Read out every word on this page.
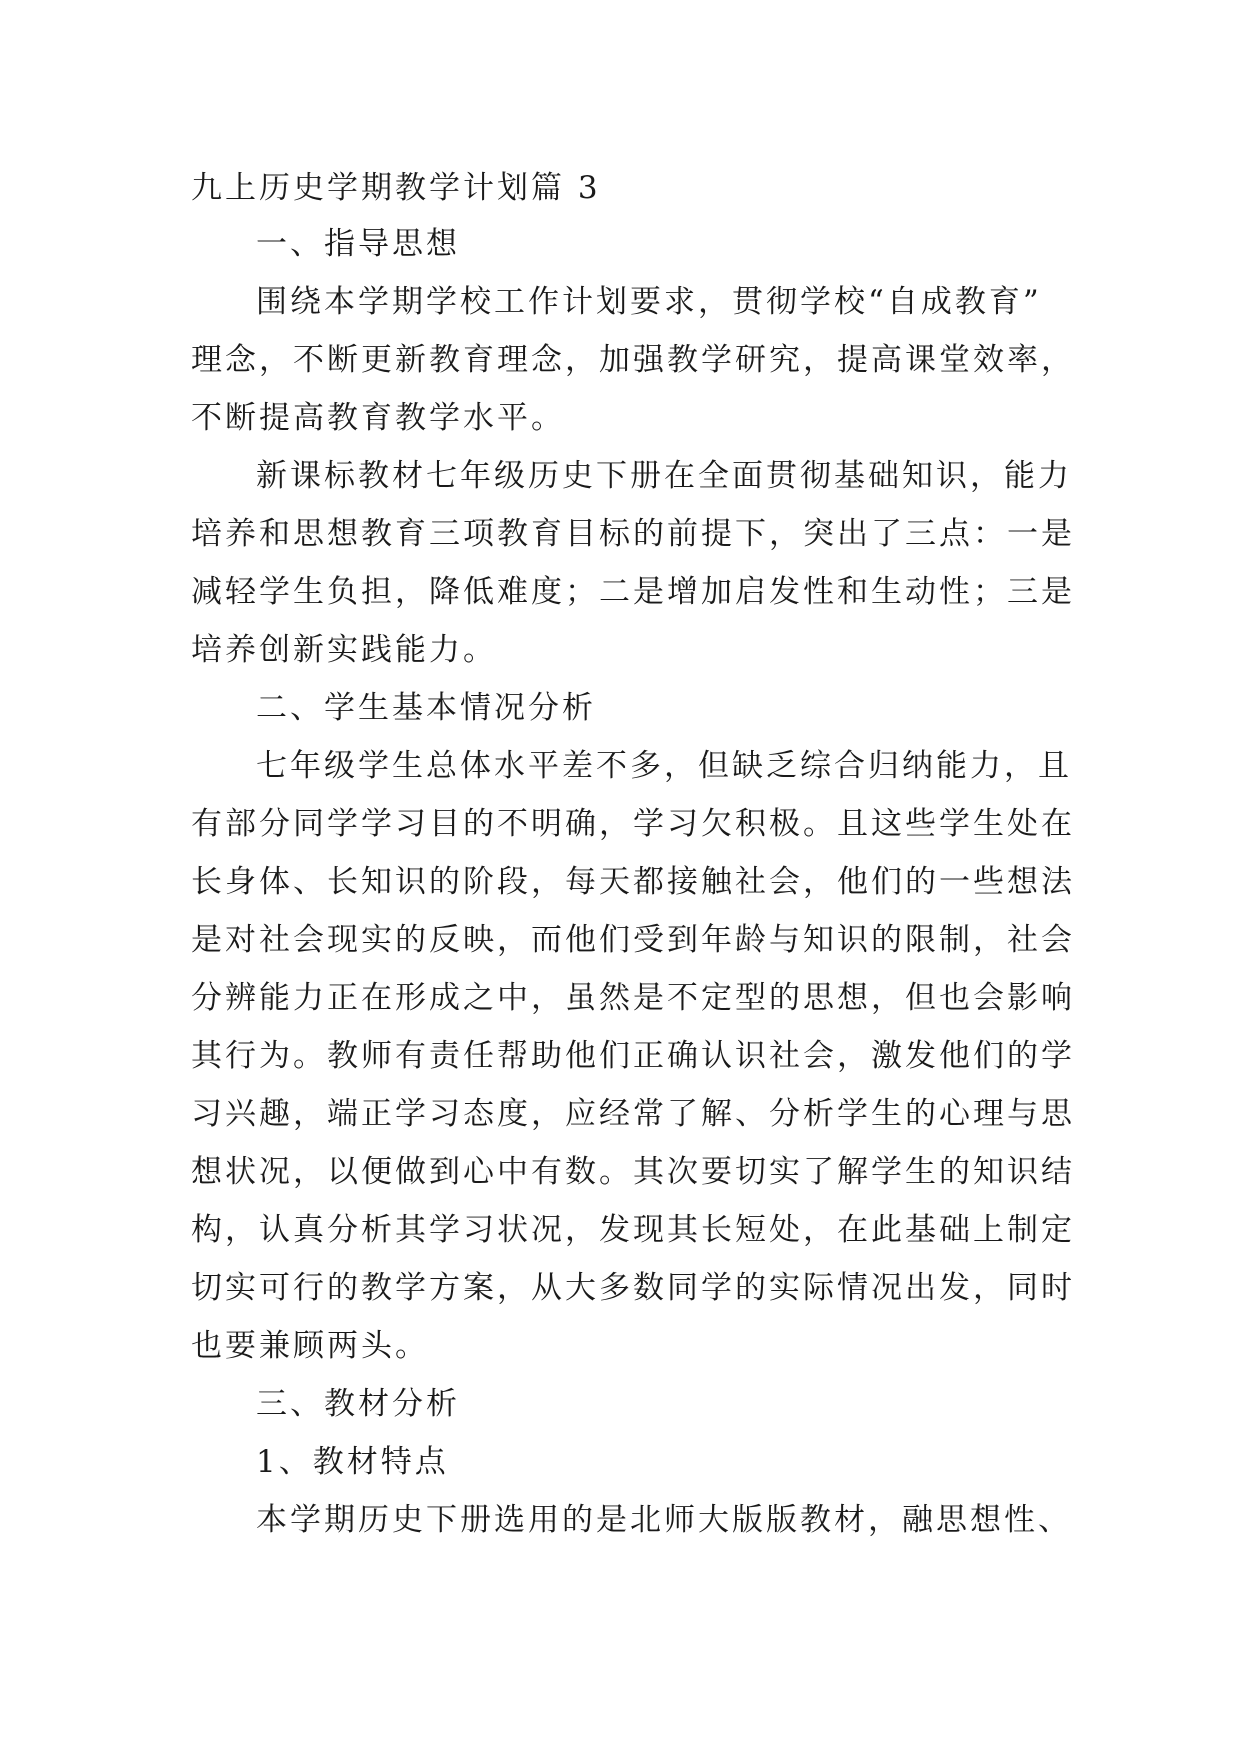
九上历史学期教学计划篇 3
一、指导思想
围绕本学期学校工作计划要求，贯彻学校“自成教育”
理念，不断更新教育理念，加强教学研究，提高课堂效率，
不断提高教育教学水平。
新课标教材七年级历史下册在全面贯彻基础知识，能力
培养和思想教育三项教育目标的前提下，突出了三点：一是
减轻学生负担，降低难度；二是增加启发性和生动性；三是
培养创新实践能力。
二、学生基本情况分析
七年级学生总体水平差不多，但缺乏综合归纳能力，且
有部分同学学习目的不明确，学习欠积极。且这些学生处在
长身体、长知识的阶段，每天都接触社会，他们的一些想法
是对社会现实的反映，而他们受到年龄与知识的限制，社会
分辨能力正在形成之中，虽然是不定型的思想，但也会影响
其行为。教师有责任帮助他们正确认识社会，激发他们的学
习兴趣，端正学习态度，应经常了解、分析学生的心理与思
想状况，以便做到心中有数。其次要切实了解学生的知识结
构，认真分析其学习状况，发现其长短处，在此基础上制定
切实可行的教学方案，从大多数同学的实际情况出发，同时
也要兼顾两头。
三、教材分析
1、教材特点
本学期历史下册选用的是北师大版版教材，融思想性、
